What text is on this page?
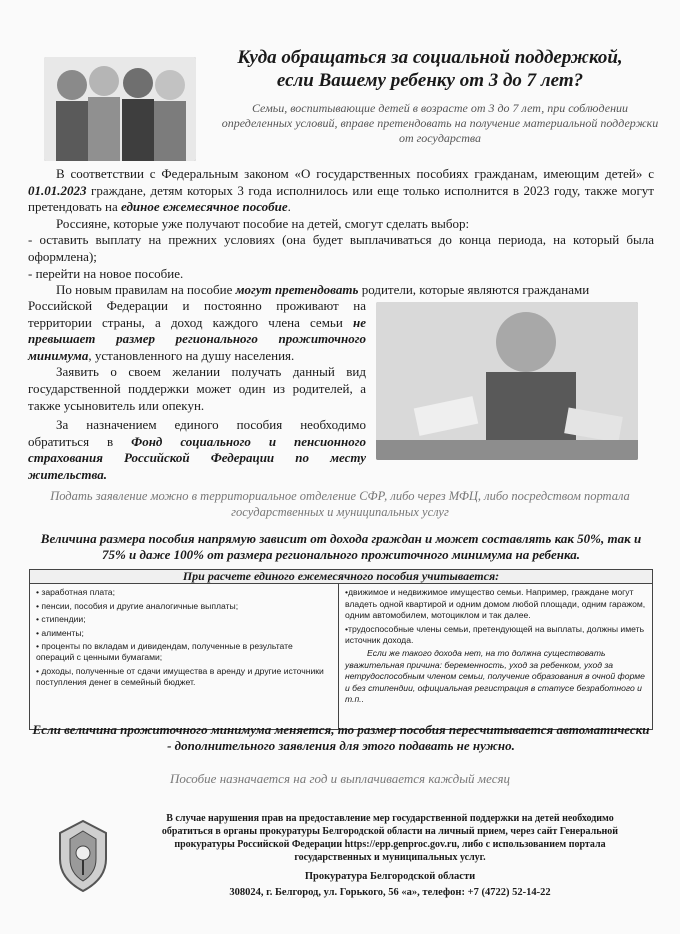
Куда обращаться за социальной поддержкой,
если Вашему ребенку от 3 до 7 лет?
Семьи, воспитывающие детей в возрасте от 3 до 7 лет, при соблюдении определенных условий, вправе претендовать на получение материальной поддержки от государства

В соответствии с Федеральным законом «О государственных пособиях гражданам, имеющим детей» с 01.01.2023 граждане, детям которых 3 года исполнилось или еще только исполнится в 2023 году, также могут претендовать на единое ежемесячное пособие.

Россияне, которые уже получают пособие на детей, смогут сделать выбор:

- оставить выплату на прежних условиях (она будет выплачиваться до конца периода, на который была оформлена);

- перейти на новое пособие.

По новым правилам на пособие могут претендовать родители, которые являются гражданами

Российской Федерации и постоянно проживают на территории страны, а доход каждого члена семьи не превышает размер регионального прожиточного минимума, установленного на душу населения.

Заявить о своем желании получать данный вид государственной поддержки может один из родителей, а также усыновитель или опекун.

За назначением единого пособия необходимо обратиться в Фонд социального и пенсионного страхования Российской Федерации по месту жительства.

Подать заявление можно в территориальное отделение СФР, либо через МФЦ, либо посредством портала государственных и муниципальных услуг
Величина размера пособия напрямую зависит от дохода граждан и может составлять как 50%, так и 75% и даже 100% от размера регионального прожиточного минимума на ребенка.
При расчете единого ежемесячного пособия учитывается:

• заработная плата;

• пенсии, пособия и другие аналогичные выплаты;

• стипендии;

• алименты;

• проценты по вкладам и дивидендам, полученные в результате операций с ценными бумагами;

• доходы, полученные от сдачи имущества в аренду и другие источники поступления денег в семейный бюджет.

•движимое и недвижимое имущество семьи. Например, граждане могут владеть одной квартирой и одним домом любой площади, одним гаражом, одним автомобилем, мотоциклом и так далее.

•трудоспособные члены семьи, претендующей на выплаты, должны иметь источник дохода.

Если же такого дохода нет, на то должна существовать уважительная причина: беременность, уход за ребенком, уход за нетрудоспособным членом семьи, получение образования в очной форме и без стипендии, официальная регистрация в статусе безработного и т.п..

Если величина прожиточного минимума меняется, то размер пособия пересчитывается автоматически - дополнительного заявления для этого подавать не нужно.
Пособие назначается на год и выплачивается каждый месяц
В случае нарушения прав на предоставление мер государственной поддержки на детей необходимо обратиться в органы прокуратуры Белгородской области на личный прием, через сайт Генеральной прокуратуры Российской Федерации https://epp.genproc.gov.ru, либо с использованием портала государственных и муниципальных услуг.
Прокуратура Белгородской области
308024, г. Белгород, ул. Горького, 56 «а», телефон: +7 (4722) 52-14-22
